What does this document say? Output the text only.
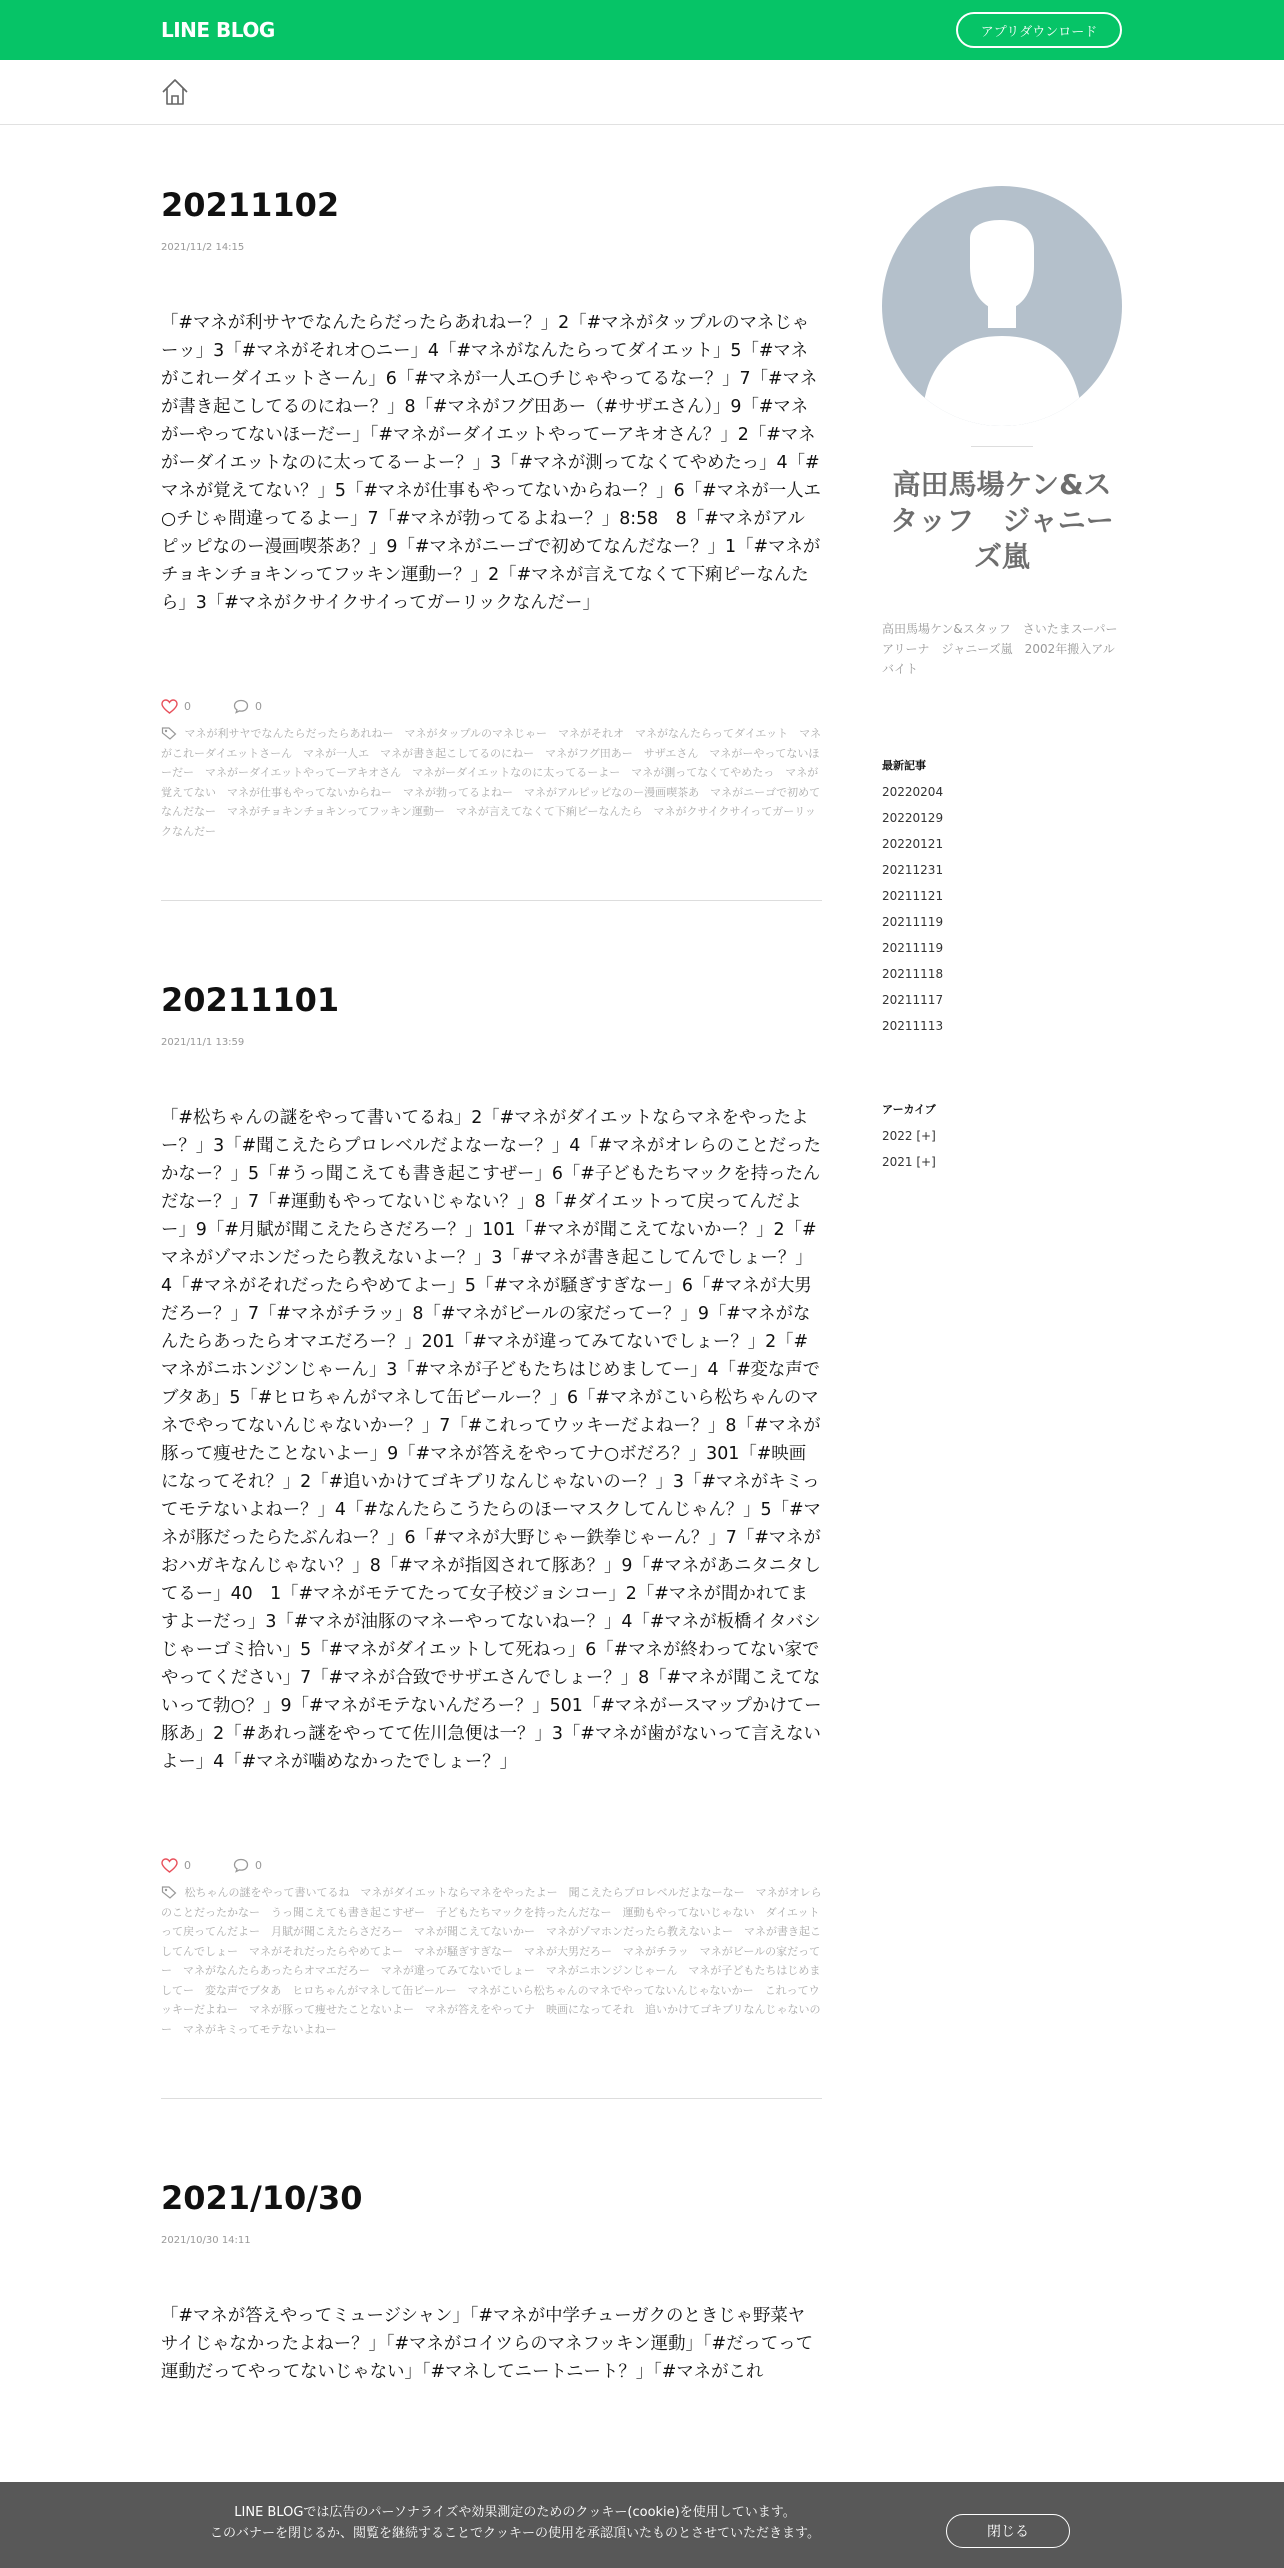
LINE BLOG	アプリダウンロード
20211102
2021/11/2 14:15
「#マネが利サヤでなんたらだったらあれねー？」2「#マネがタップルのマネじゃーッ」3「#マネがそれオ○ニー」4「#マネがなんたらってダイエット」5「#マネがこれーダイエットさーん」6「#マネが一人エ○チじゃやってるなー？」7「#マネが書き起こしてるのにねー？」8「#マネがフグ田あー（#サザエさん）」9「#マネがーやってないほーだー」「#マネがーダイエットやってーアキオさん？」2「#マネがーダイエットなのに太ってるーよー？」3「#マネが測ってなくてやめたっ」4「#マネが覚えてない？」5「#マネが仕事もやってないからねー？」6「#マネが一人エ○チじゃ間違ってるよー」7「#マネが勃ってるよねー？」8:58　8「#マネがアルピッピなのー漫画喫茶あ？」9「#マネがニーゴで初めてなんだなー？」1「#マネがチョキンチョキンってフッキン運動ー？」2「#マネが言えてなくて下痢ピーなんたら」3「#マネがクサイクサイってガーリックなんだー」
0	0
マネが利サヤでなんたらだったらあれねー マネがタップルのマネじゃー マネがそれオ マネがなんたらってダイエット マネがこれーダイエットさーん マネが一人エ マネが書き起こしてるのにねー マネがフグ田あー サザエさん マネがーやってないほーだー マネがーダイエットやってーアキオさん マネがーダイエットなのに太ってるーよー マネが測ってなくてやめたっ マネが覚えてない マネが仕事もやってないからねー マネが勃ってるよねー マネがアルピッピなのー漫画喫茶あ マネがニーゴで初めてなんだなー マネがチョキンチョキンってフッキン運動ー マネが言えてなくて下痢ピーなんたら マネがクサイクサイってガーリックなんだー
20211101
2021/11/1 13:59
「#松ちゃんの謎をやって書いてるね」2「#マネがダイエットならマネをやったよー？」3「#聞こえたらプロレベルだよなーなー？」4「#マネがオレらのことだったかなー？」5「#うっ聞こえても書き起こすぜー」6「#子どもたちマックを持ったんだなー？」7「#運動もやってないじゃない？」8「#ダイエットって戻ってんだよー」9「#月賦が聞こえたらさだろー？」101「#マネが聞こえてないかー？」2「#マネがゾマホンだったら教えないよー？」3「#マネが書き起こしてんでしょー？」4「#マネがそれだったらやめてよー」5「#マネが騒ぎすぎなー」6「#マネが大男だろー？」7「#マネがチラッ」8「#マネがビールの家だってー？」9「#マネがなんたらあったらオマエだろー？」201「#マネが違ってみてないでしょー？」2「#マネがニホンジンじゃーん」3「#マネが子どもたちはじめましてー」4「#変な声でブタあ」5「#ヒロちゃんがマネして缶ビールー？」6「#マネがこいら松ちゃんのマネでやってないんじゃないかー？」7「#これってウッキーだよねー？」8「#マネが豚って痩せたことないよー」9「#マネが答えをやってナ○ボだろ？」301「#映画になってそれ？」2「#追いかけてゴキブリなんじゃないのー？」3「#マネがキミってモテないよねー？」4「#なんたらこうたらのほーマスクしてんじゃん？」5「#マネが豚だったらたぶんねー？」6「#マネが大野じゃー鉄拳じゃーん？」7「#マネがおハガキなんじゃない？」8「#マネが指図されて豚あ？」9「#マネがあニタニタしてるー」40　1「#マネがモテてたって女子校ジョシコー」2「#マネが間かれてますよーだっ」3「#マネが油豚のマネーやってないねー？」4「#マネが板橋イタバシじゃーゴミ拾い」5「#マネがダイエットして死ねっ」6「#マネが終わってない家でやってください」7「#マネが合致でサザエさんでしょー？」8「#マネが聞こえてないって勃○？」9「#マネがモテないんだろー？」501「#マネがースマップかけてー豚あ」2「#あれっ謎をやってて佐川急便は一？」3「#マネが歯がないって言えないよー」4「#マネが噛めなかったでしょー？」
0	0
松ちゃんの謎をやって書いてるね マネがダイエットならマネをやったよー 聞こえたらプロレベルだよなーなー マネがオレらのことだったかなー うっ聞こえても書き起こすぜー 子どもたちマックを持ったんだなー 運動もやってないじゃない ダイエットって戻ってんだよー 月賦が聞こえたらさだろー マネが聞こえてないかー マネがゾマホンだったら教えないよー マネが書き起こしてんでしょー マネがそれだったらやめてよー マネが騒ぎすぎなー マネが大男だろー マネがチラッ マネがビールの家だってー マネがなんたらあったらオマエだろー マネが違ってみてないでしょー マネがニホンジンじゃーん マネが子どもたちはじめましてー 変な声でブタあ ヒロちゃんがマネして缶ビールー マネがこいら松ちゃんのマネでやってないんじゃないかー これってウッキーだよねー マネが豚って痩せたことないよー マネが答えをやってナ 映画になってそれ 追いかけてゴキブリなんじゃないのー マネがキミってモテないよねー
2021/10/30
2021/10/30 14:11
「#マネが答えやってミュージシャン」「#マネが中学チューガクのときじゃ野菜ヤサイじゃなかったよねー？」「#マネがコイツらのマネフッキン運動」「#だってって運動だってやってないじゃない」「#マネしてニートニート？」「#マネがこれ
高田馬場ケン&スタッフ　ジャニーズ嵐
高田馬場ケン&スタッフ　さいたまスーパーアリーナ　ジャニーズ嵐　2002年搬入アルバイト
最新記事
20220204
20220129
20220121
20211231
20211121
20211119
20211119
20211118
20211117
20211113
アーカイブ
2022 [+]
2021 [+]
LINE BLOGでは広告のパーソナライズや効果測定のためのクッキー(cookie)を使用しています。
このバナーを閉じるか、閲覧を継続することでクッキーの使用を承認頂いたものとさせていただきます。	閉じる
